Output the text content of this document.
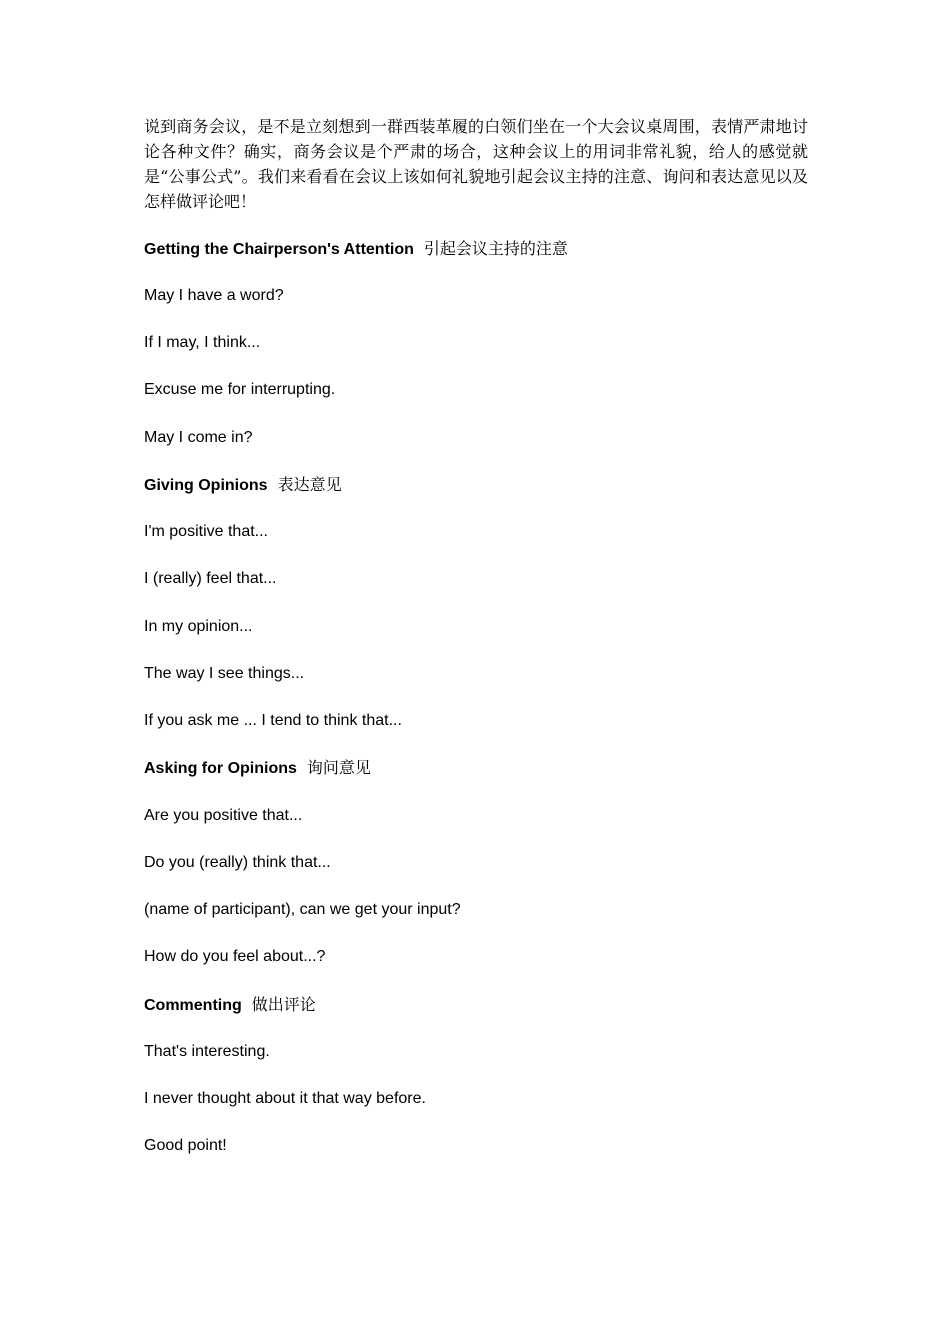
说到商务会议，是不是立刻想到一群西装革履的白领们坐在一个大会议桌周围，表情严肃地讨论各种文件？确实，商务会议是个严肃的场合，这种会议上的用词非常礼貌，给人的感觉就是“公事公式”。我们来看看在会议上该如何礼貌地引起会议主持的注意、询问和表达意见以及怎样做评论吧！

Getting the Chairperson's Attention 引起会议主持的注意
May I have a word?
If I may, I think...
Excuse me for interrupting.
May I come in?
Giving Opinions 表达意见
I'm positive that...
I (really) feel that...
In my opinion...
The way I see things...
If you ask me ... I tend to think that...
Asking for Opinions 询问意见
Are you positive that...
Do you (really) think that...
(name of participant), can we get your input?
How do you feel about...?
Commenting 做出评论
That's interesting.
I never thought about it that way before.
Good point!
